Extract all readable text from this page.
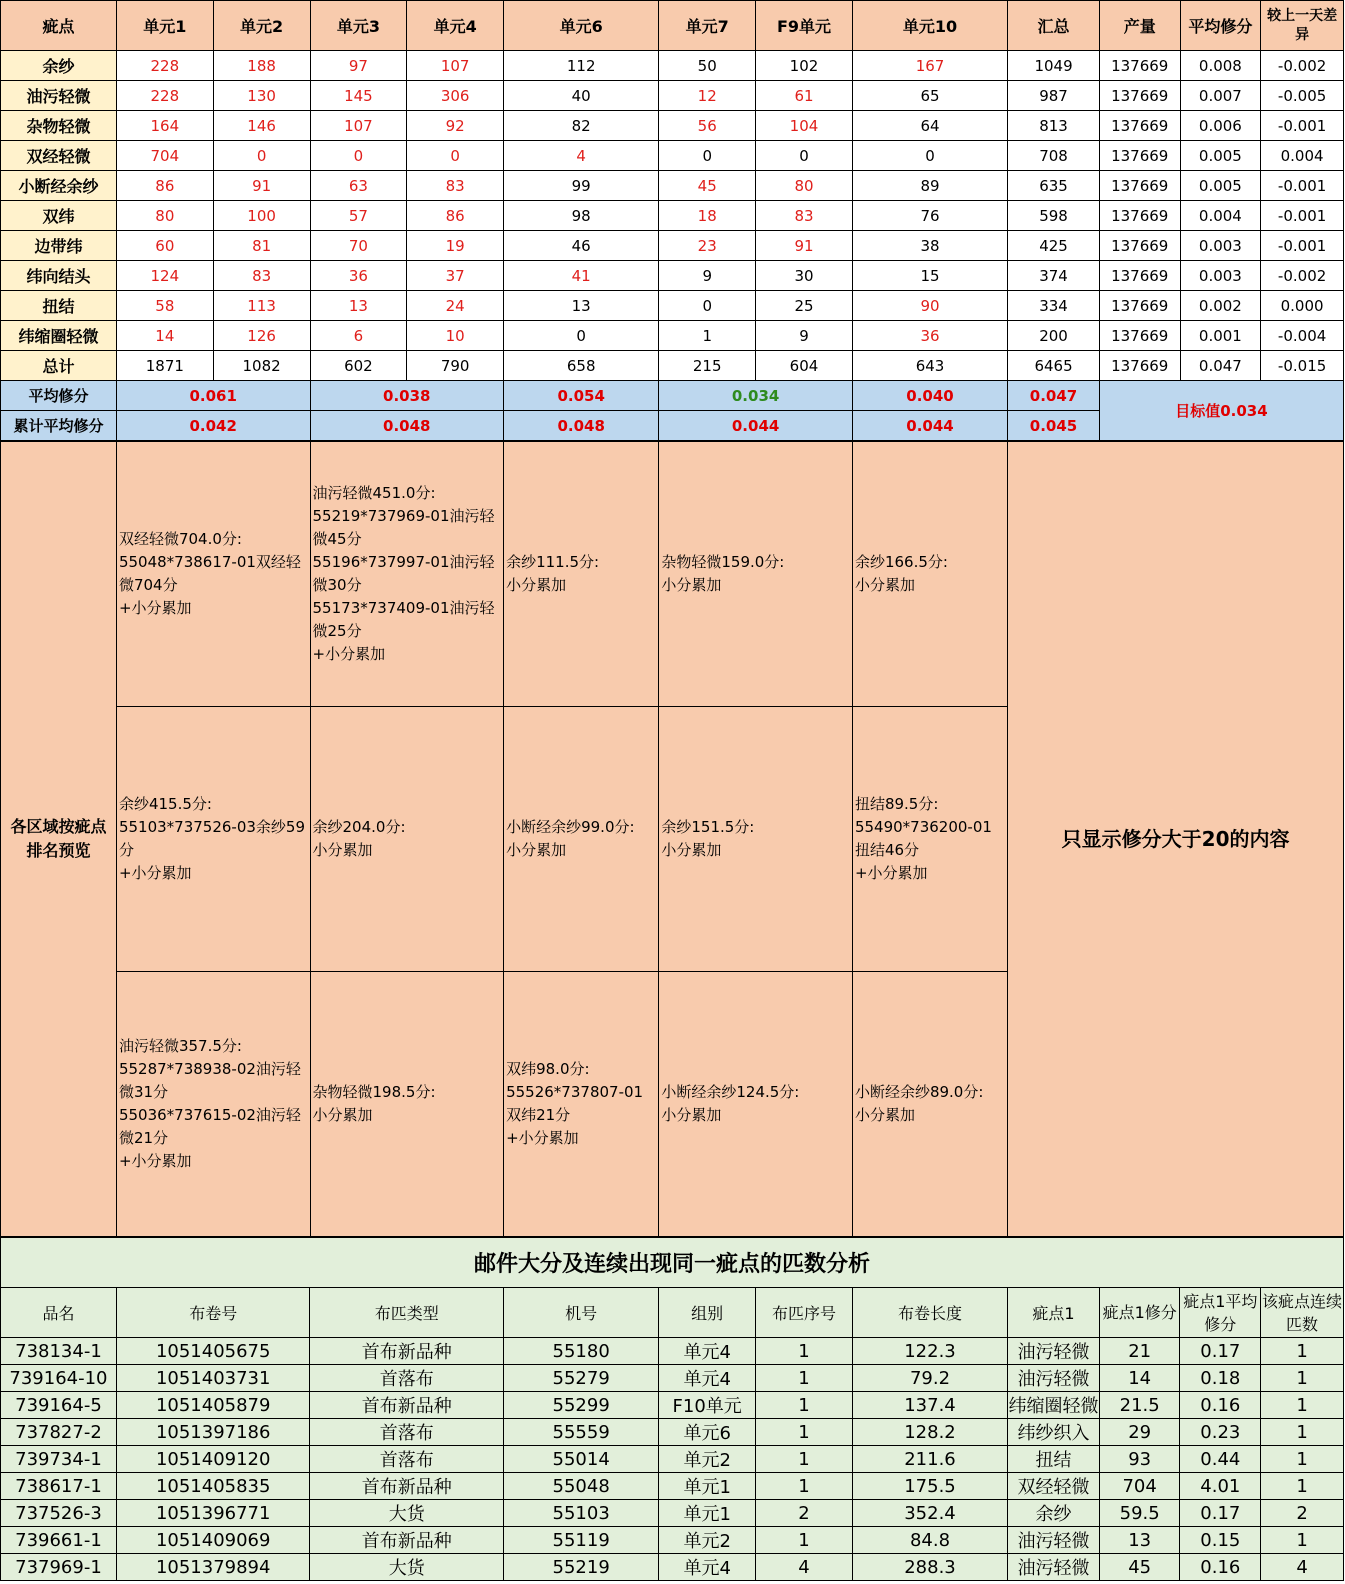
疵点	单元1	单元2	单元3	单元4	单元6	单元7	F9单元	单元10	汇总	产量	平均修分	较上一天差异
余纱	228	188	97	107	112	50	102	167	1049	137669	0.008	-0.002
油污轻微	228	130	145	306	40	12	61	65	987	137669	0.007	-0.005
杂物轻微	164	146	107	92	82	56	104	64	813	137669	0.006	-0.001
双经轻微	704	0	0	0	4	0	0	0	708	137669	0.005	0.004
小断经余纱	86	91	63	83	99	45	80	89	635	137669	0.005	-0.001
双纬	80	100	57	86	98	18	83	76	598	137669	0.004	-0.001
边带纬	60	81	70	19	46	23	91	38	425	137669	0.003	-0.001
纬向结头	124	83	36	37	41	9	30	15	374	137669	0.003	-0.002
扭结	58	113	13	24	13	0	25	90	334	137669	0.002	0.000
纬缩圈轻微	14	126	6	10	0	1	9	36	200	137669	0.001	-0.004
总计	1871	1082	602	790	658	215	604	643	6465	137669	0.047	-0.015
平均修分	0.061		0.038		0.054	0.034		0.040	0.047	目标值0.034		
累计平均修分	0.042		0.048		0.048	0.044		0.044	0.045			
各区域按疵点排名预览	双经轻微704.0分:
55048*738617-01双经轻微704分
+小分累加	油污轻微451.0分:
55219*737969-01油污轻微45分
55196*737997-01油污轻微30分
55173*737409-01油污轻微25分
+小分累加	余纱111.5分:
小分累加	杂物轻微159.0分:
小分累加	余纱166.5分:
小分累加	只显示修分大于20的内容

	余纱415.5分:
55103*737526-03余纱59分
+小分累加	余纱204.0分:
小分累加	小断经余纱99.0分:
小分累加	余纱151.5分:
小分累加	扭结89.5分:
55490*736200-01扭结46分
+小分累加	

	油污轻微357.5分:
55287*738938-02油污轻微31分
55036*737615-02油污轻微21分
+小分累加	杂物轻微198.5分:
小分累加	双纬98.0分:
55526*737807-01双纬21分
+小分累加	小断经余纱124.5分:
小分累加	小断经余纱89.0分:
小分累加	
邮件大分及连续出现同一疵点的匹数分析										
品名	布卷号	布匹类型	机号	组别	布匹序号	布卷长度	疵点1	疵点1修分	疵点1平均修分	该疵点连续匹数
738134-1	1051405675	首布新品种	55180	单元4	1	122.3	油污轻微	21	0.17	1
739164-10	1051403731	首落布	55279	单元4	1	79.2	油污轻微	14	0.18	1
739164-5	1051405879	首布新品种	55299	F10单元	1	137.4	纬缩圈轻微	21.5	0.16	1
737827-2	1051397186	首落布	55559	单元6	1	128.2	纬纱织入	29	0.23	1
739734-1	1051409120	首落布	55014	单元2	1	211.6	扭结	93	0.44	1
738617-1	1051405835	首布新品种	55048	单元1	1	175.5	双经轻微	704	4.01	1
737526-3	1051396771	大货	55103	单元1	2	352.4	余纱	59.5	0.17	2
739661-1	1051409069	首布新品种	55119	单元2	1	84.8	油污轻微	13	0.15	1
737969-1	1051379894	大货	55219	单元4	4	288.3	油污轻微	45	0.16	4
